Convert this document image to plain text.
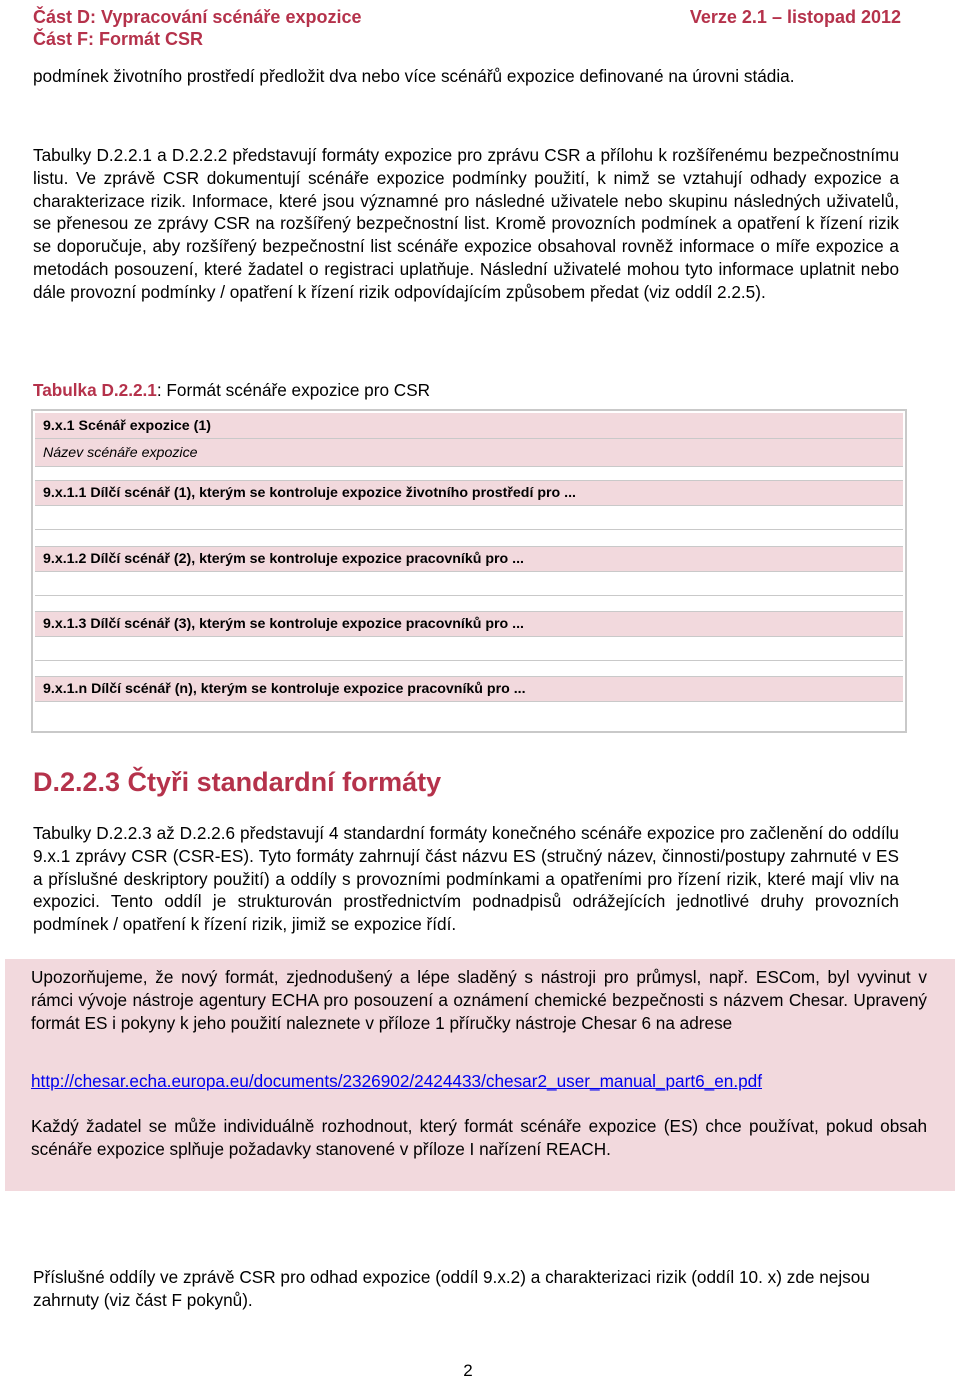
Část D: Vypracování scénáře expozice	Verze 2.1 – listopad 2012
Část F: Formát CSR
podmínek životního prostředí předložit dva nebo více scénářů expozice definované na úrovni stádia.
Tabulky D.2.2.1 a D.2.2.2 představují formáty expozice pro zprávu CSR a přílohu k rozšířenému bezpečnostnímu listu. Ve zprávě CSR dokumentují scénáře expozice podmínky použití, k nimž se vztahují odhady expozice a charakterizace rizik. Informace, které jsou významné pro následné uživatele nebo skupinu následných uživatelů, se přenesou ze zprávy CSR na rozšířený bezpečnostní list. Kromě provozních podmínek a opatření k řízení rizik se doporučuje, aby rozšířený bezpečnostní list scénáře expozice obsahoval rovněž informace o míře expozice a metodách posouzení, které žadatel o registraci uplatňuje. Následní uživatelé mohou tyto informace uplatnit nebo dále provozní podmínky / opatření k řízení rizik odpovídajícím způsobem předat (viz oddíl 2.2.5).
Tabulka D.2.2.1: Formát scénáře expozice pro CSR
9.x.1 Scénář expozice (1)
Název scénáře expozice
9.x.1.1 Dílčí scénář (1), kterým se kontroluje expozice životního prostředí pro ...
9.x.1.2 Dílčí scénář (2), kterým se kontroluje expozice pracovníků pro ...
9.x.1.3 Dílčí scénář (3), kterým se kontroluje expozice pracovníků pro ...
9.x.1.n Dílčí scénář (n), kterým se kontroluje expozice pracovníků pro ...
D.2.2.3 Čtyři standardní formáty
Tabulky D.2.2.3 až D.2.2.6 představují 4 standardní formáty konečného scénáře expozice pro začlenění do oddílu 9.x.1 zprávy CSR (CSR-ES). Tyto formáty zahrnují část názvu ES (stručný název, činnosti/postupy zahrnuté v ES a příslušné deskriptory použití) a oddíly s provozními podmínkami a opatřeními pro řízení rizik, které mají vliv na expozici. Tento oddíl je strukturován prostřednictvím podnadpisů odrážejících jednotlivé druhy provozních podmínek / opatření k řízení rizik, jimiž se expozice řídí.
Upozorňujeme, že nový formát, zjednodušený a lépe sladěný s nástroji pro průmysl, např. ESCom, byl vyvinut v rámci vývoje nástroje agentury ECHA pro posouzení a oznámení chemické bezpečnosti s názvem Chesar. Upravený formát ES i pokyny k jeho použití naleznete v příloze 1 příručky nástroje Chesar 6 na adrese
http://chesar.echa.europa.eu/documents/2326902/2424433/chesar2_user_manual_part6_en.pdf
Každý žadatel se může individuálně rozhodnout, který formát scénáře expozice (ES) chce používat, pokud obsah scénáře expozice splňuje požadavky stanovené v příloze I nařízení REACH.
Příslušné oddíly ve zprávě CSR pro odhad expozice (oddíl 9.x.2) a charakterizaci rizik (oddíl 10. x) zde nejsou zahrnuty (viz část F pokynů).
2
